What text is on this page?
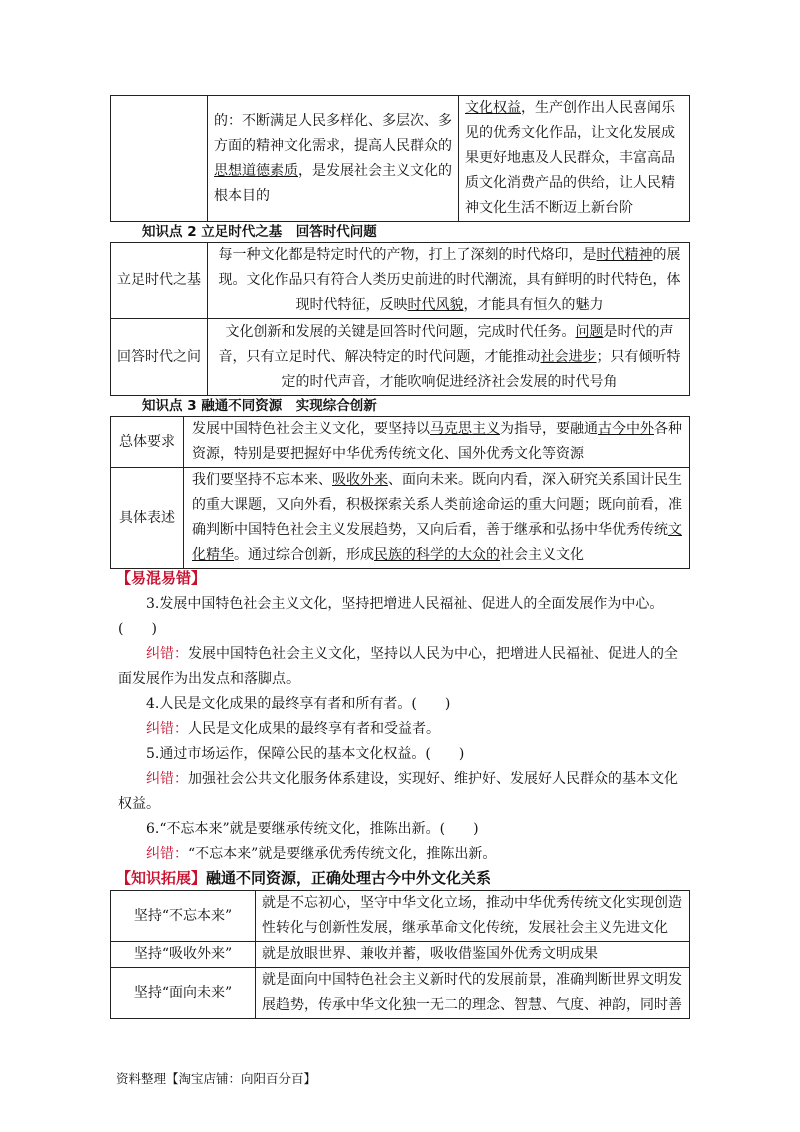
	的：不断满足人民多样化、多层次、多方面的精神文化需求，提高人民群众的思想道德素质，是发展社会主义文化的根本目的	文化权益，生产创作出人民喜闻乐见的优秀文化作品，让文化发展成果更好地惠及人民群众，丰富高品质文化消费产品的供给，让人民精神文化生活不断迈上新台阶
知识点 2 立足时代之基　回答时代问题
立足时代之基	每一种文化都是特定时代的产物，打上了深刻的时代烙印，是时代精神的展现。文化作品只有符合人类历史前进的时代潮流，具有鲜明的时代特色，体现时代特征，反映时代风貌，才能具有恒久的魅力
回答时代之问	文化创新和发展的关键是回答时代问题，完成时代任务。问题是时代的声音，只有立足时代、解决特定的时代问题，才能推动社会进步；只有倾听特定的时代声音，才能吹响促进经济社会发展的时代号角
知识点 3 融通不同资源　实现综合创新
总体要求	发展中国特色社会主义文化，要坚持以马克思主义为指导，要融通古今中外各种资源，特别是要把握好中华优秀传统文化、国外优秀文化等资源
具体表述	我们要坚持不忘本来、吸收外来、面向未来。既向内看，深入研究关系国计民生的重大课题，又向外看，积极探索关系人类前途命运的重大问题；既向前看，准确判断中国特色社会主义发展趋势，又向后看，善于继承和弘扬中华优秀传统文化精华。通过综合创新，形成民族的科学的大众的社会主义文化
【易混易错】
3.发展中国特色社会主义文化，坚持把增进人民福祉、促进人的全面发展作为中心。(　　)
纠错：发展中国特色社会主义文化，坚持以人民为中心，把增进人民福祉、促进人的全面发展作为出发点和落脚点。
4.人民是文化成果的最终享有者和所有者。(　　)
纠错：人民是文化成果的最终享有者和受益者。
5.通过市场运作，保障公民的基本文化权益。(　　)
纠错：加强社会公共文化服务体系建设，实现好、维护好、发展好人民群众的基本文化权益。
6.“不忘本来”就是要继承传统文化，推陈出新。(　　)
纠错：“不忘本来”就是要继承优秀传统文化，推陈出新。
【知识拓展】融通不同资源，正确处理古今中外文化关系
坚持“不忘本来”	就是不忘初心，坚守中华文化立场，推动中华优秀传统文化实现创造性转化与创新性发展，继承革命文化传统，发展社会主义先进文化
坚持“吸收外来”	就是放眼世界、兼收并蓄，吸收借鉴国外优秀文明成果
坚持“面向未来”	就是面向中国特色社会主义新时代的发展前景，准确判断世界文明发展趋势，传承中华文化独一无二的理念、智慧、气度、神韵，同时善
资料整理【淘宝店铺：向阳百分百】
